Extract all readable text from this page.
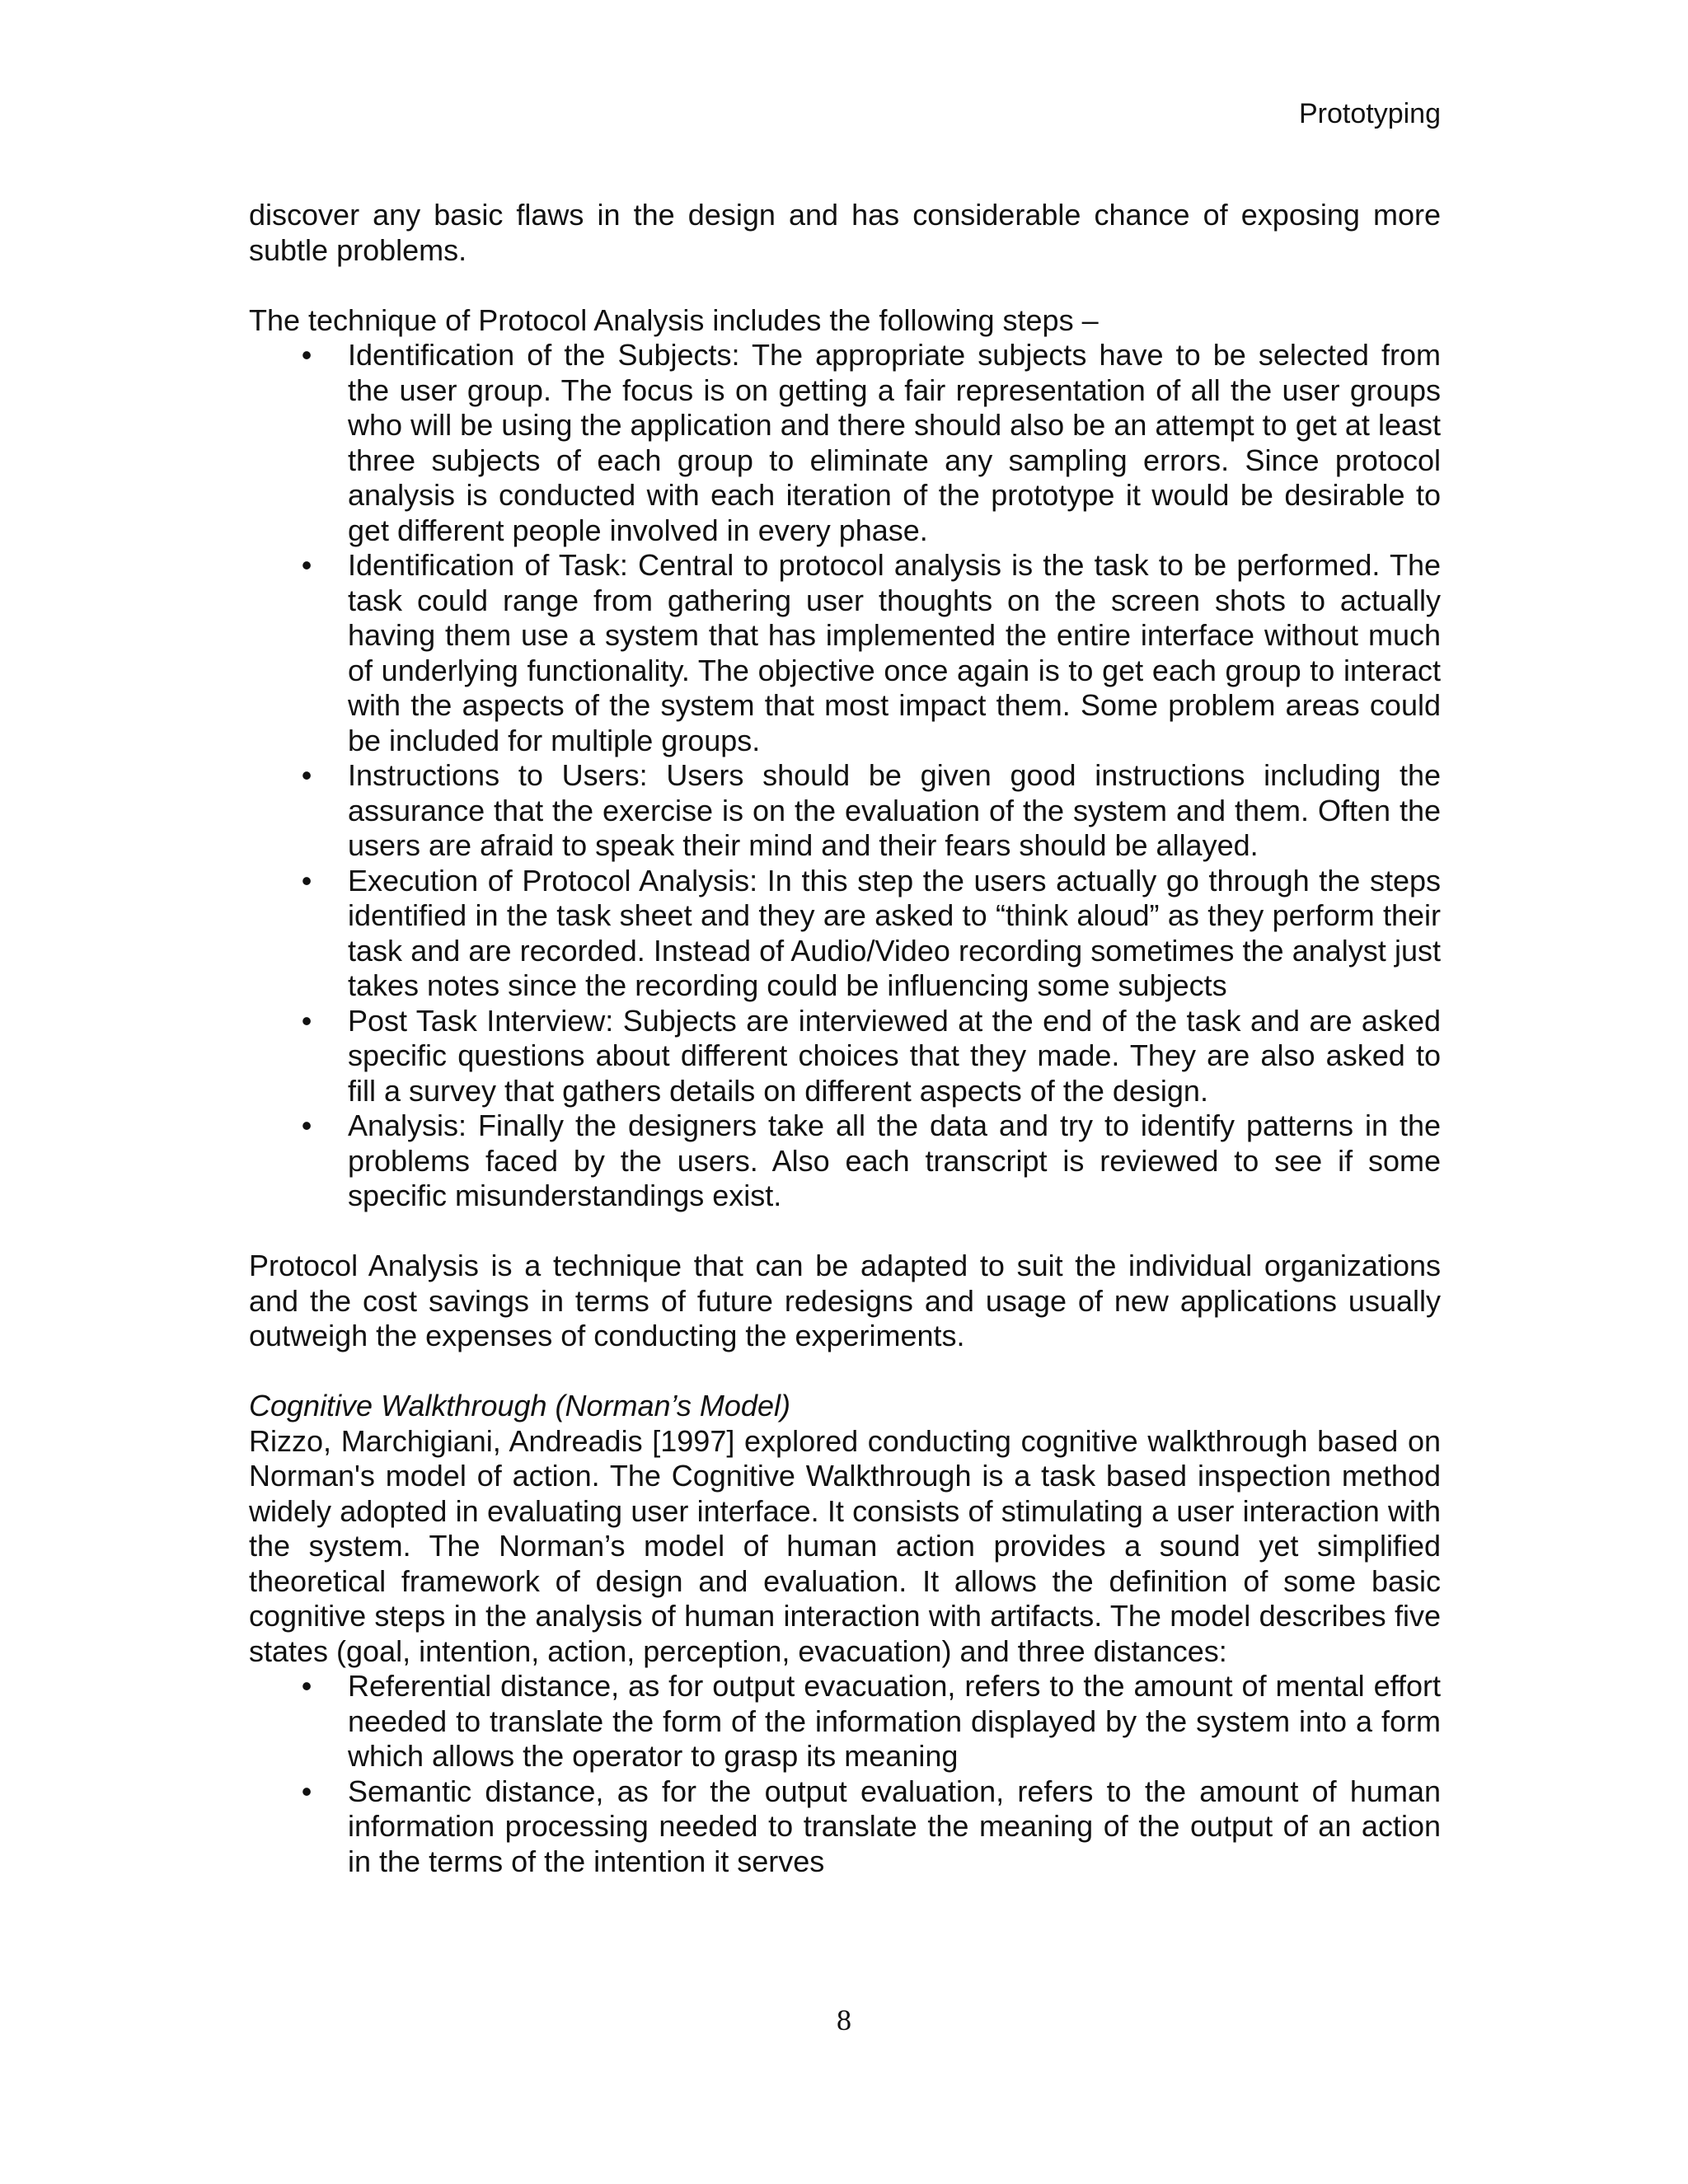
Prototyping

discover any basic flaws in the design and has considerable chance of exposing more subtle problems.

The technique of Protocol Analysis includes the following steps –

• Identification of the Subjects: The appropriate subjects have to be selected from the user group. The focus is on getting a fair representation of all the user groups who will be using the application and there should also be an attempt to get at least three subjects of each group to eliminate any sampling errors. Since protocol analysis is conducted with each iteration of the prototype it would be desirable to get different people involved in every phase.
• Identification of Task: Central to protocol analysis is the task to be performed. The task could range from gathering user thoughts on the screen shots to actually having them use a system that has implemented the entire interface without much of underlying functionality. The objective once again is to get each group to interact with the aspects of the system that most impact them. Some problem areas could be included for multiple groups.
• Instructions to Users: Users should be given good instructions including the assurance that the exercise is on the evaluation of the system and them. Often the users are afraid to speak their mind and their fears should be allayed.
• Execution of Protocol Analysis: In this step the users actually go through the steps identified in the task sheet and they are asked to “think aloud” as they perform their task and are recorded. Instead of Audio/Video recording sometimes the analyst just takes notes since the recording could be influencing some subjects
• Post Task Interview: Subjects are interviewed at the end of the task and are asked specific questions about different choices that they made. They are also asked to fill a survey that gathers details on different aspects of the design.
• Analysis: Finally the designers take all the data and try to identify patterns in the problems faced by the users. Also each transcript is reviewed to see if some specific misunderstandings exist.

Protocol Analysis is a technique that can be adapted to suit the individual organizations and the cost savings in terms of future redesigns and usage of new applications usually outweigh the expenses of conducting the experiments.

Cognitive Walkthrough (Norman’s Model)

Rizzo, Marchigiani, Andreadis [1997] explored conducting cognitive walkthrough based on Norman's model of action. The Cognitive Walkthrough is a task based inspection method widely adopted in evaluating user interface. It consists of stimulating a user interaction with the system. The Norman’s model of human action provides a sound yet simplified theoretical framework of design and evaluation. It allows the definition of some basic cognitive steps in the analysis of human interaction with artifacts. The model describes five states (goal, intention, action, perception, evacuation) and three distances:

• Referential distance, as for output evacuation, refers to the amount of mental effort needed to translate the form of the information displayed by the system into a form which allows the operator to grasp its meaning
• Semantic distance, as for the output evaluation, refers to the amount of human information processing needed to translate the meaning of the output of an action in the terms of the intention it serves
8
